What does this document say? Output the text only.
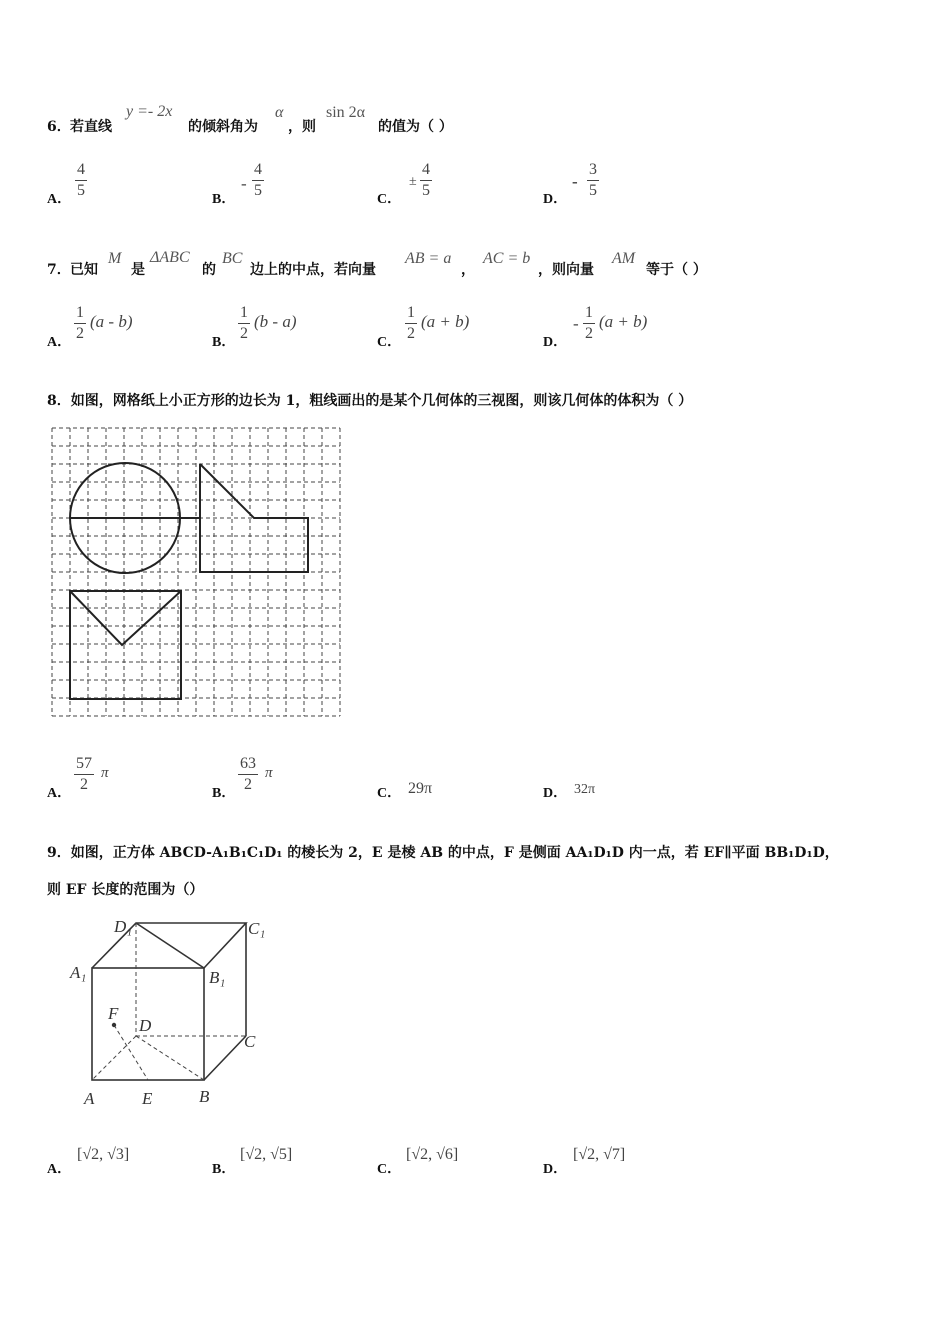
6． 若直线
y =- 2x
的倾斜角为
α
，则
sin 2α
的值为（ ）
A． $\frac{4}{5}$	B．
- $\frac{4}{5}$	C．
± $\frac{4}{5}$	D．
- $\frac{3}{5}$
7． 已知
M
是
ΔABC
的
BC
边上的中点，若向量
AB = a
，
AC = b
，则向量
AM
等于（ ）
A． $\frac{1}{2} (a - b)$
B． $\frac{1}{2} (b - a)$
C． $\frac{1}{2} (a + b)$
D．
- $\frac{1}{2} (a + b)$
8．如图，网格纸上小正方形的边长为 1，粗线画出的是某个几何体的三视图，则该几何体的体积为（ ）
A． $\frac{57}{2}$ π
B． $\frac{63}{2}$ π
C． 29π	D． 32π
9．如图，正方体 ABCD-A₁B₁C₁D₁ 的棱长为 2，E 是棱 AB 的中点，F 是侧面 AA₁D₁D 内一点，若 EF∥平面 BB₁D₁D，
则 EF 长度的范围为（）
D₁	C₁
A₁	B₁
F
D
C
A	E	B
A．
[√2, √3]
B．
[√2, √5]
C．
[√2, √6]
D．
[√2, √7]
